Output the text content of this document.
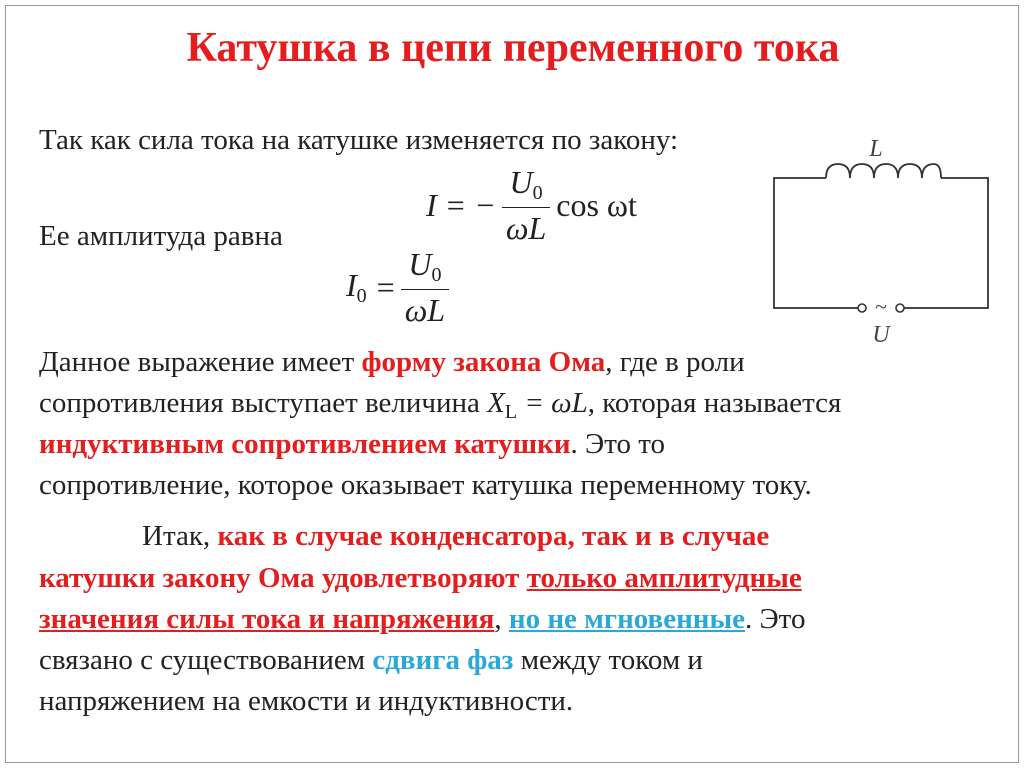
Катушка в цепи переменного тока
Так как сила тока на катушке изменяется по закону:
I = − $\frac{U_0}{\omega L}$ cos ωt
Ее амплитуда равна
$I_0 = \frac{U_0}{\omega L}$
L
~
U
Данное выражение имеет форму закона Ома, где в роли
сопротивления выступает величина $X_L = \omega L$, которая называется
индуктивным сопротивлением катушки. Это то
сопротивление, которое оказывает катушка переменному току.
Итак, как в случае конденсатора, так и в случае
катушки закону Ома удовлетворяют только амплитудные
значения силы тока и напряжения, но не мгновенные. Это
связано с существованием сдвига фаз между током и
напряжением на емкости и индуктивности.
